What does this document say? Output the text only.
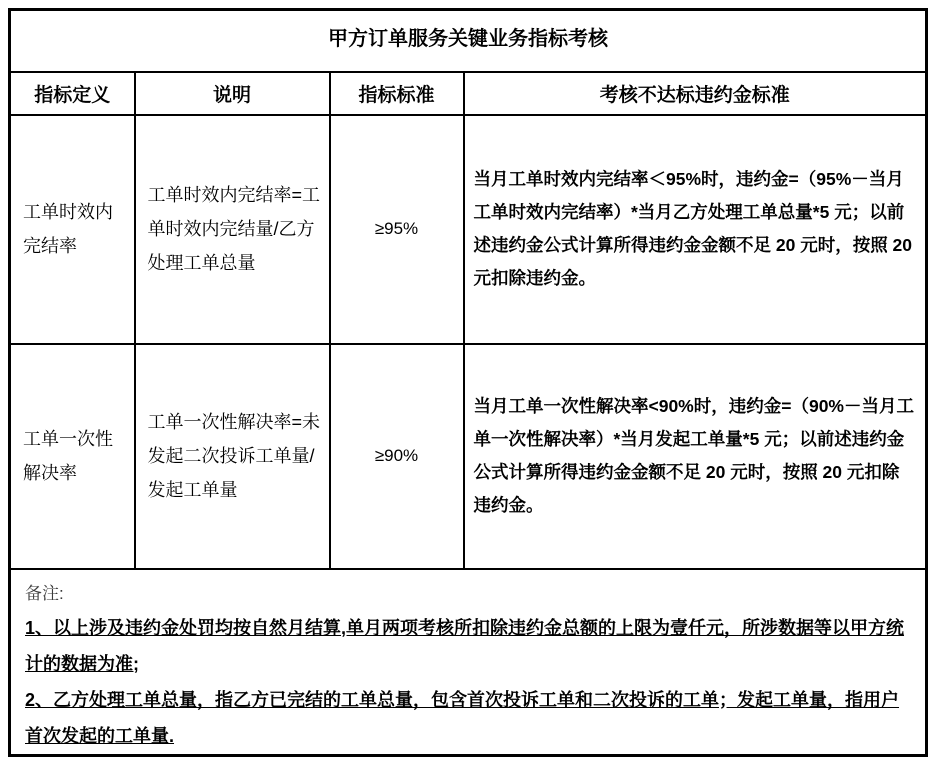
甲方订单服务关键业务指标考核			
指标定义	说明	指标标准	考核不达标违约金标准
工单时效内完结率	工单时效内完结率=工单时效内完结量/乙方处理工单总量	≥95%	当月工单时效内完结率＜95%时，违约金=（95%－当月工单时效内完结率）*当月乙方处理工单总量*5 元；以前述违约金公式计算所得违约金金额不足 20 元时，按照 20 元扣除违约金。
工单一次性解决率	工单一次性解决率=未发起二次投诉工单量/发起工单量	≥90%	当月工单一次性解决率<90%时，违约金=（90%－当月工单一次性解决率）*当月发起工单量*5 元；以前述违约金公式计算所得违约金金额不足 20 元时，按照 20 元扣除违约金。

备注:
1、以上涉及违约金处罚均按自然月结算,单月两项考核所扣除违约金总额的上限为壹仟元，所涉数据等以甲方统计的数据为准;
2、乙方处理工单总量，指乙方已完结的工单总量，包含首次投诉工单和二次投诉的工单；发起工单量，指用户首次发起的工单量.			
